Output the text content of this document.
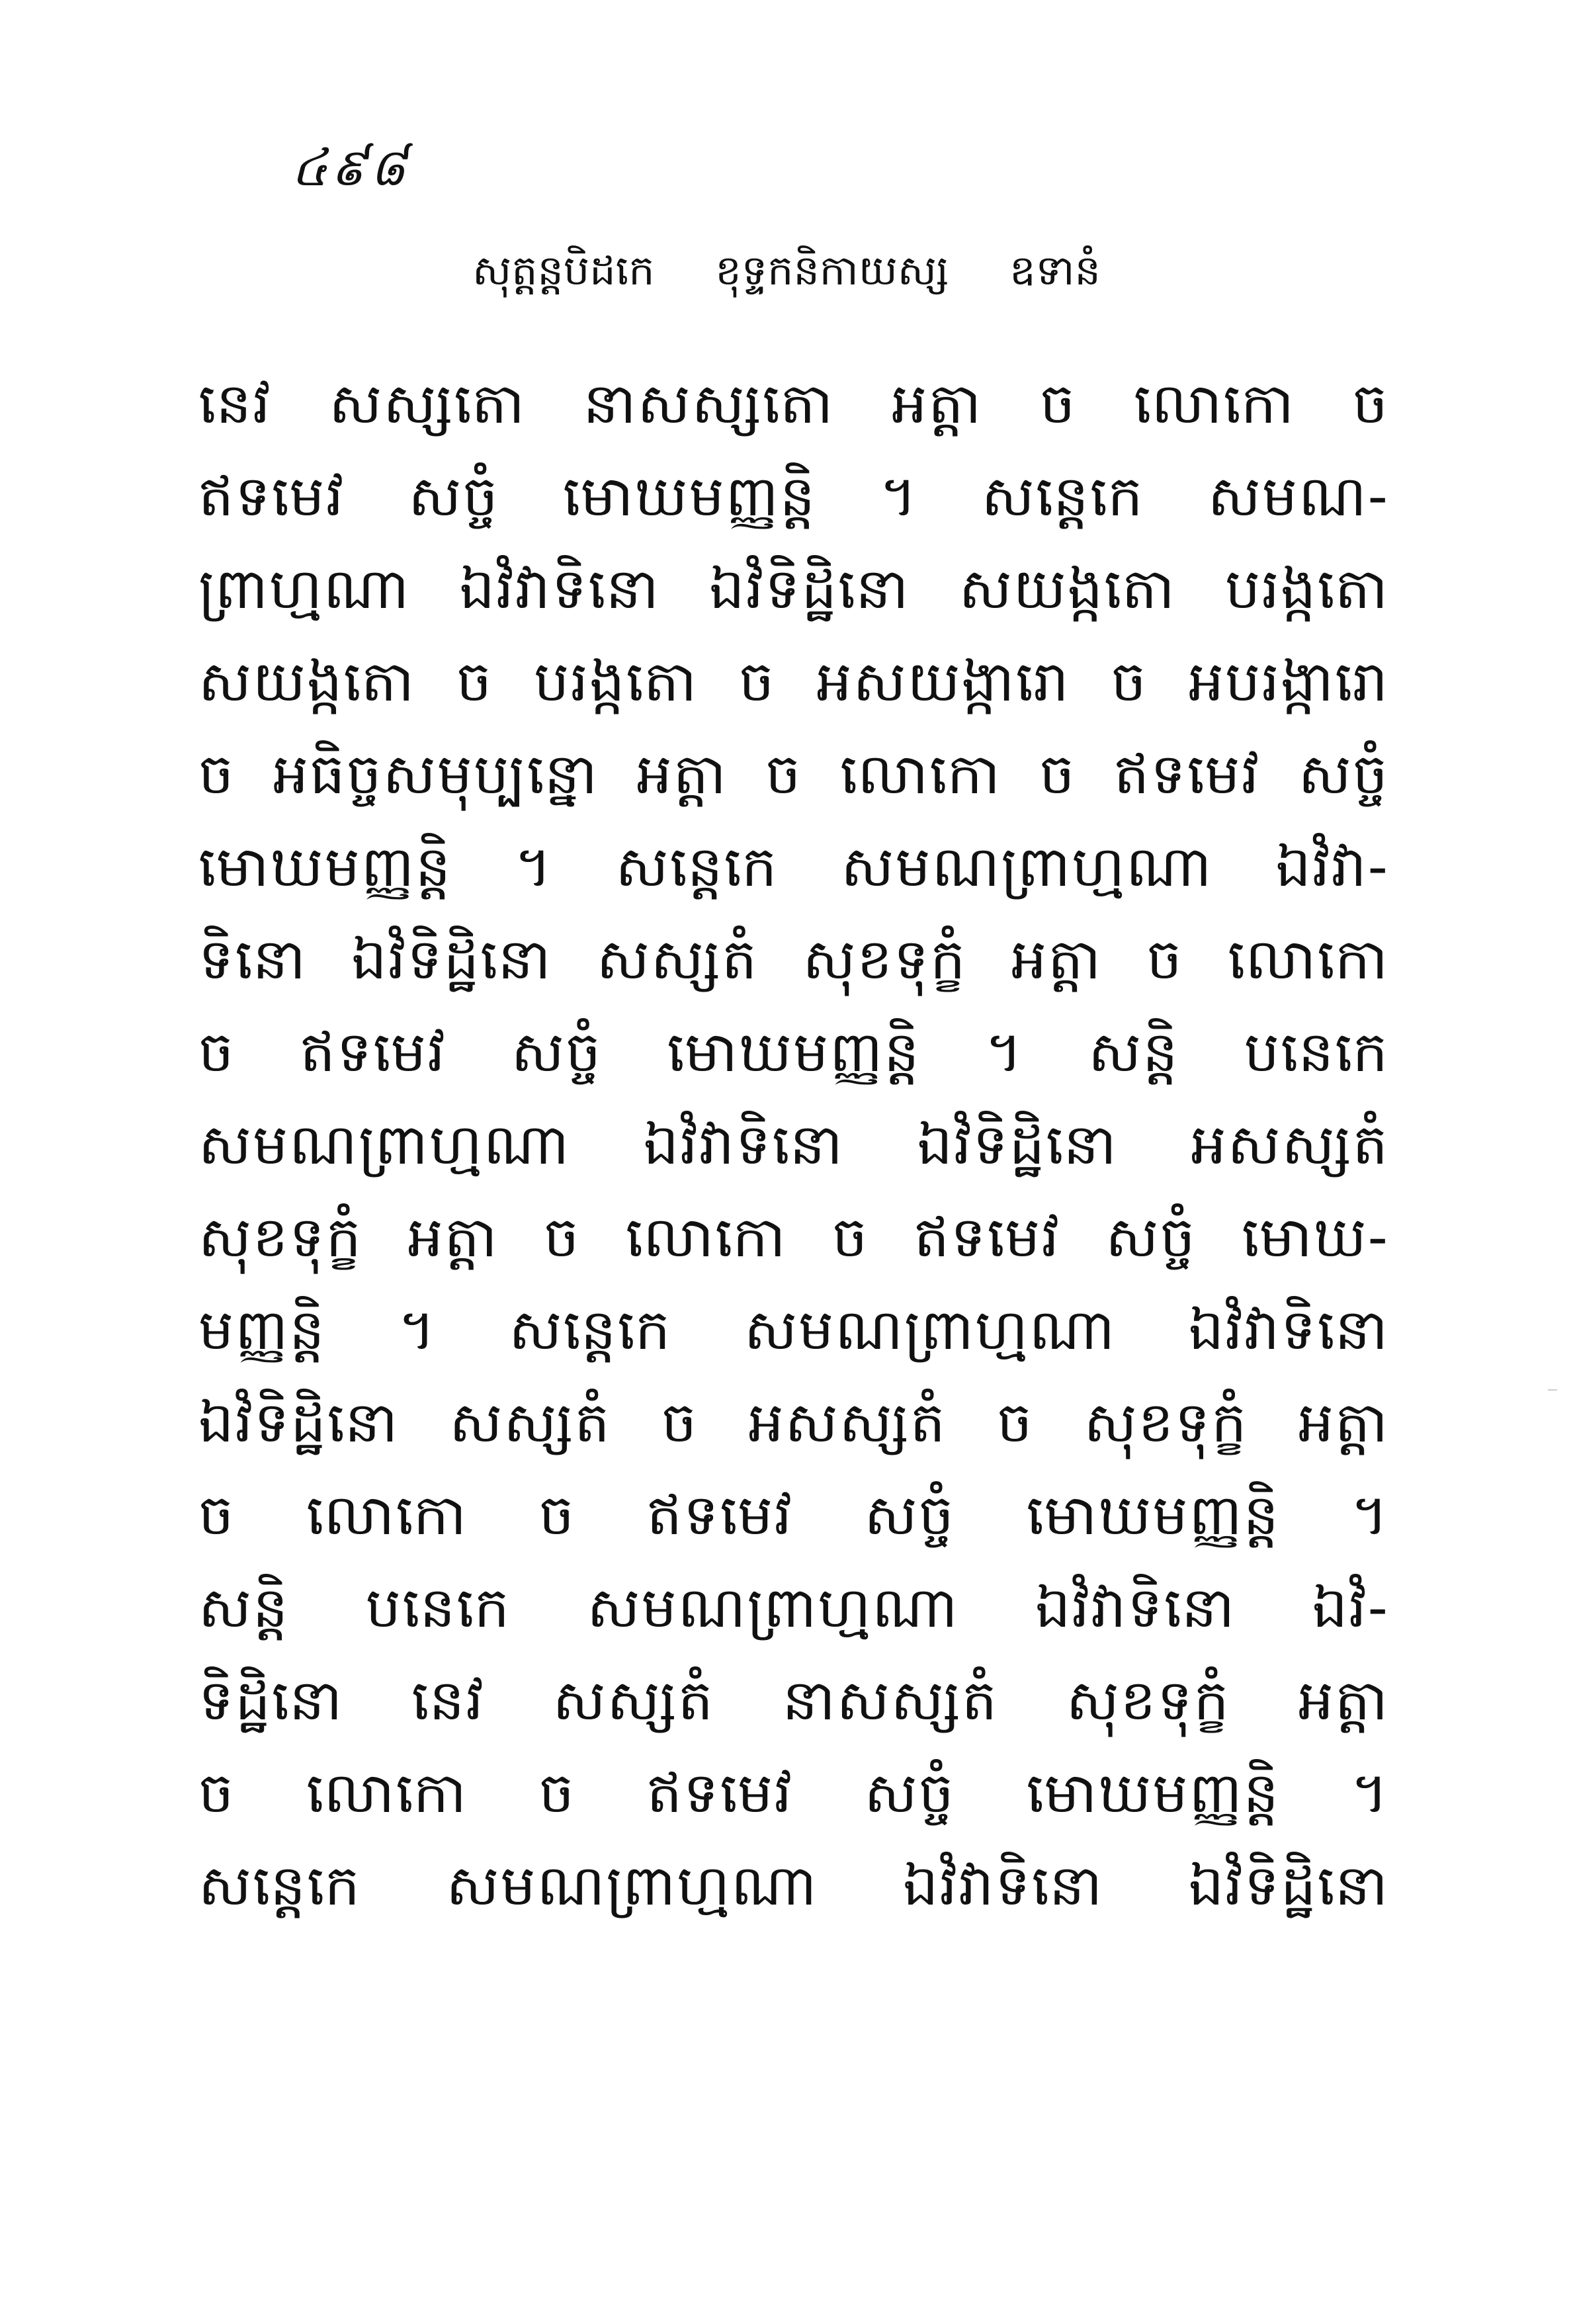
៤៩៨
សុត្តន្តបិដកេ ខុទ្ទកនិកាយស្ស ឧទានំ
នេវ សស្សតោ នាសស្សតោ អត្តា ច លោកោ ច
ឥទមេវ សច្ចំ មោឃមញ្ញន្តិ ។ សន្តេកេ សមណ-
ព្រាហ្មណា ឯវំវាទិនោ ឯវំទិដ្ឋិនោ សយង្កតោ បរង្កតោ
សយង្កតោ ច បរង្កតោ ច អសយង្ការោ ច អបរង្ការោ
ច អធិច្ចសមុប្បន្នោ អត្តា ច លោកោ ច ឥទមេវ សច្ចំ
មោឃមញ្ញន្តិ ។ សន្តេកេ សមណព្រាហ្មណា ឯវំវា-
ទិនោ ឯវំទិដ្ឋិនោ សស្សតំ សុខទុក្ខំ អត្តា ច លោកោ
ច ឥទមេវ សច្ចំ មោឃមញ្ញន្តិ ។ សន្តិ បនេកេ
សមណព្រាហ្មណា ឯវំវាទិនោ ឯវំទិដ្ឋិនោ អសស្សតំ
សុខទុក្ខំ អត្តា ច លោកោ ច ឥទមេវ សច្ចំ មោឃ-
មញ្ញន្តិ ។ សន្តេកេ សមណព្រាហ្មណា ឯវំវាទិនោ
ឯវំទិដ្ឋិនោ សស្សតំ ច អសស្សតំ ច សុខទុក្ខំ អត្តា
ច លោកោ ច ឥទមេវ សច្ចំ មោឃមញ្ញន្តិ ។
សន្តិ បនេកេ សមណព្រាហ្មណា ឯវំវាទិនោ ឯវំ-
ទិដ្ឋិនោ នេវ សស្សតំ នាសស្សតំ សុខទុក្ខំ អត្តា
ច លោកោ ច ឥទមេវ សច្ចំ មោឃមញ្ញន្តិ ។
សន្តេកេ សមណព្រាហ្មណា ឯវំវាទិនោ ឯវំទិដ្ឋិនោ
